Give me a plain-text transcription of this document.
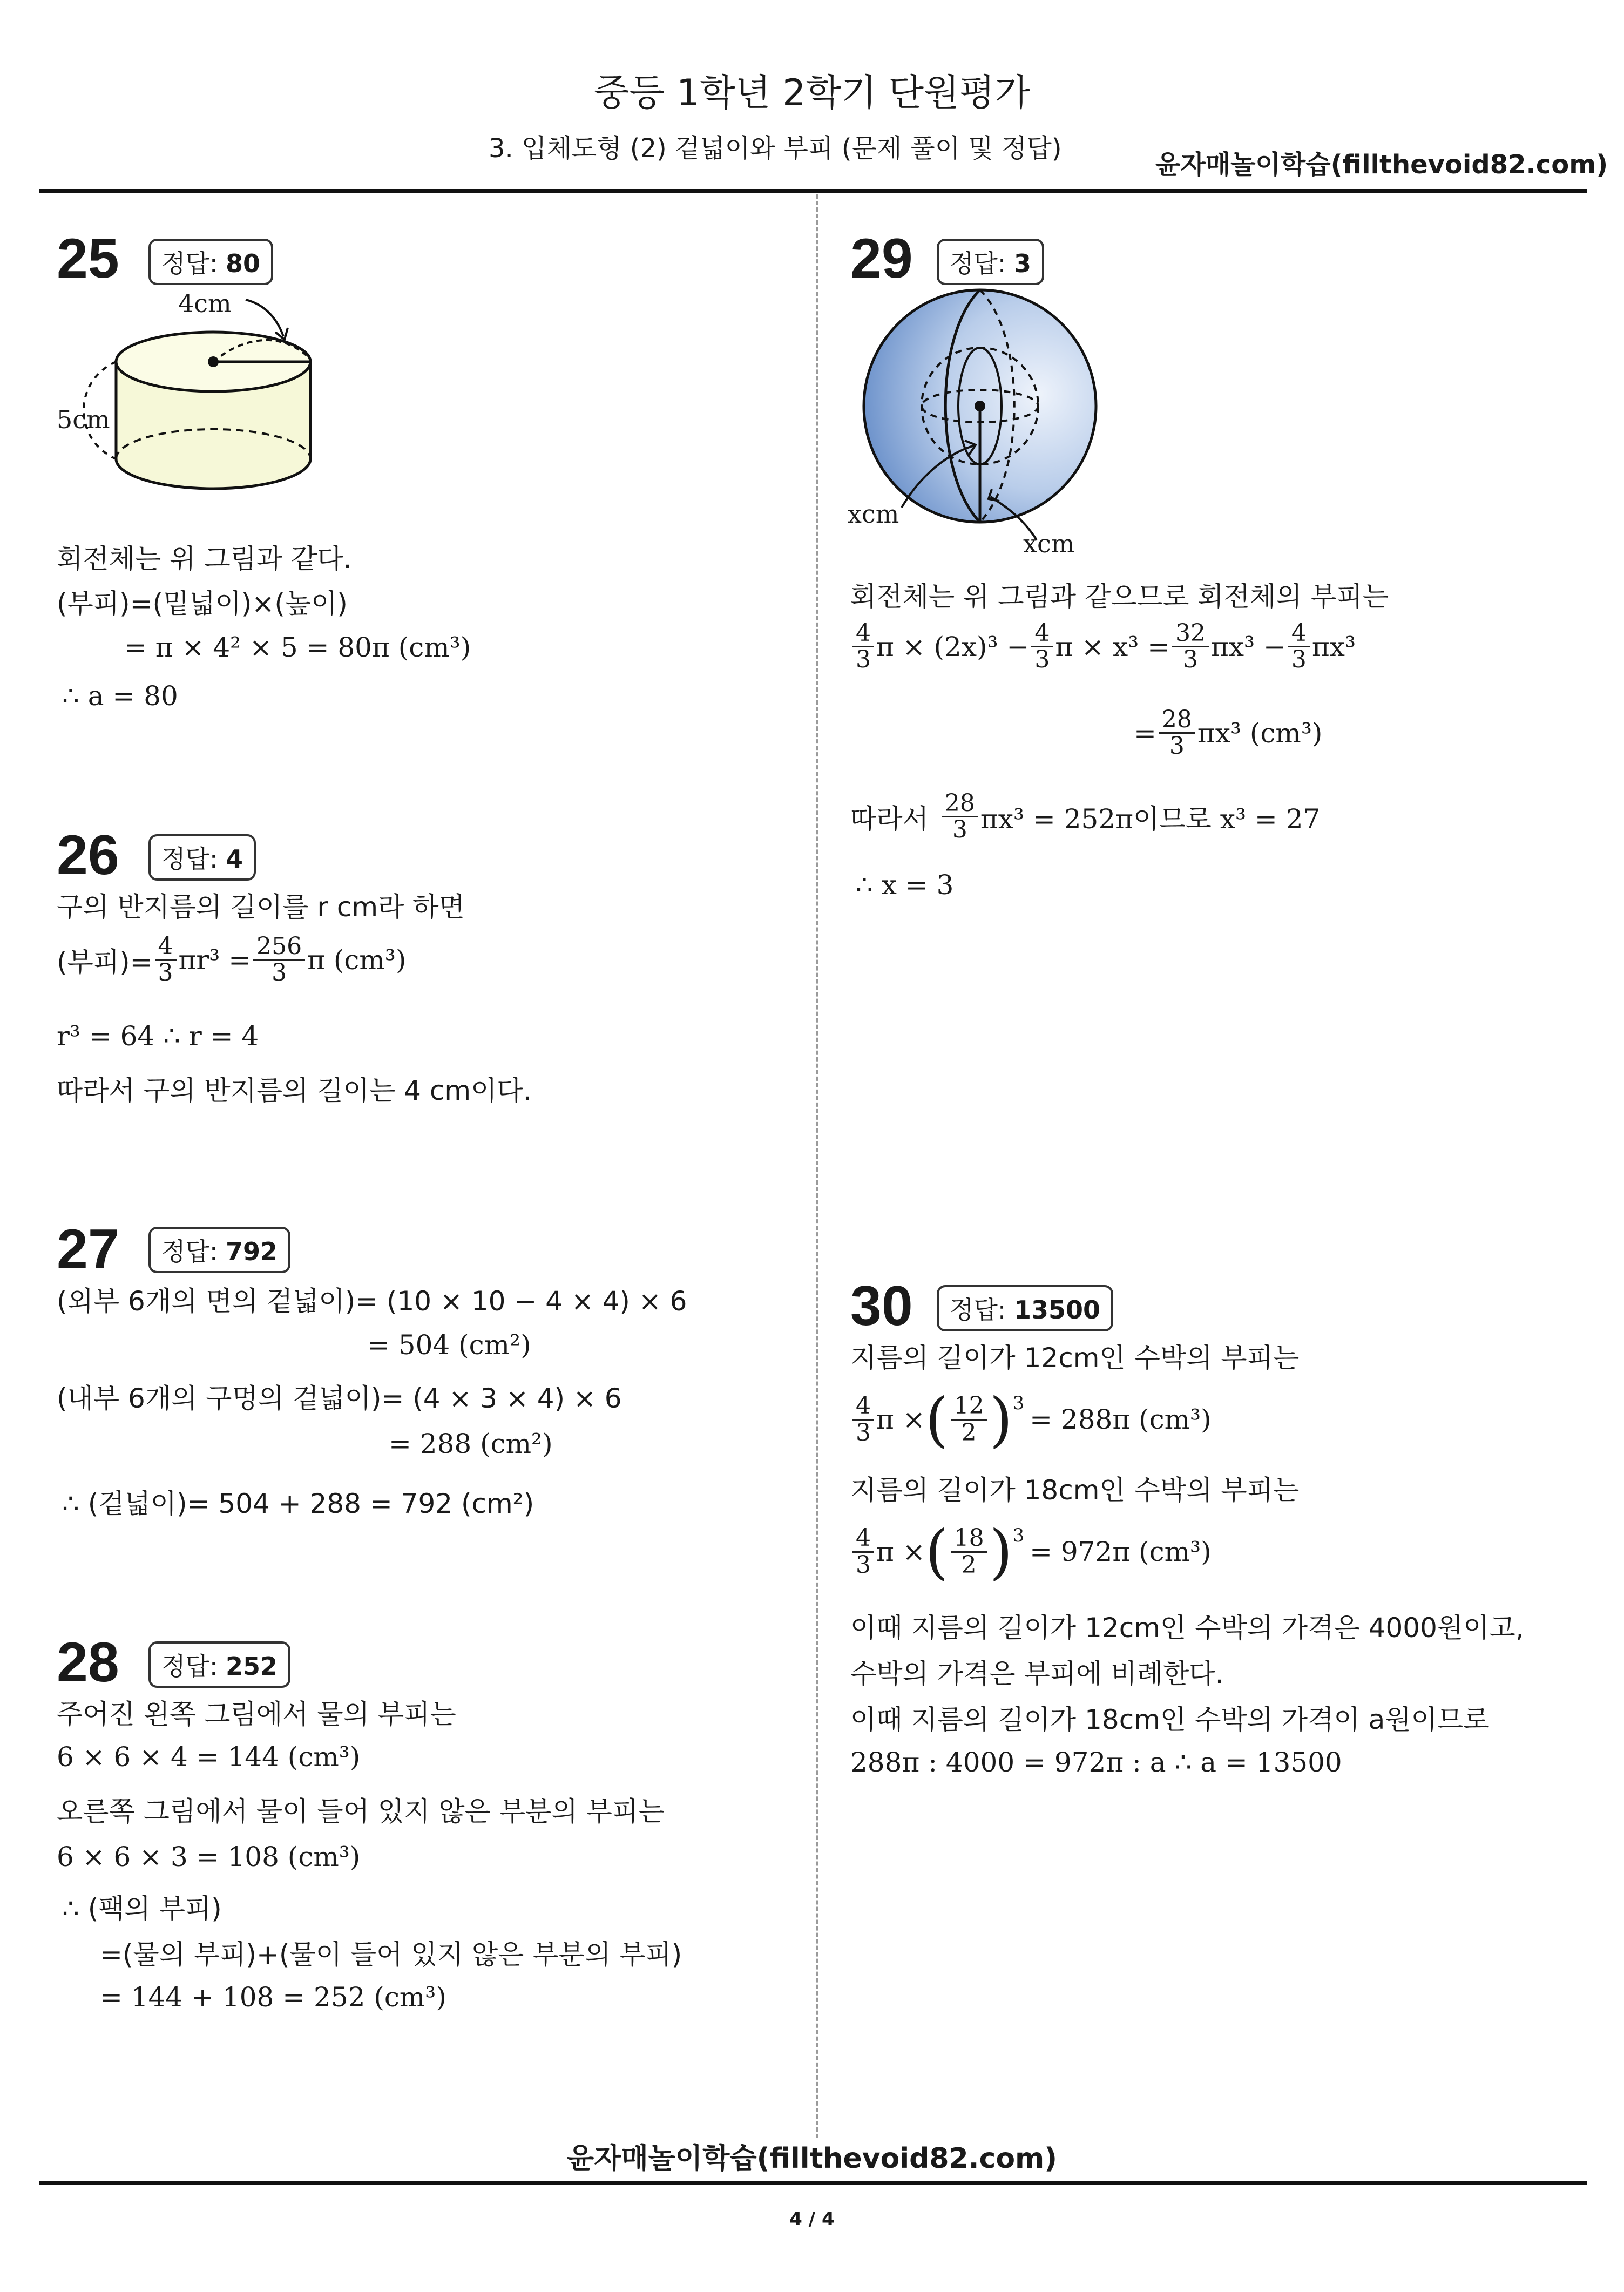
중등 1학년 2학기 단원평가
3. 입체도형 (2) 겉넓이와 부피 (문제 풀이 및 정답)
윤자매놀이학습(fillthevoid82.com)
25	정답: 80
4cm
5cm
회전체는 위 그림과 같다.
(부피)=(밑넓이)×(높이)
= π × 4² × 5 = 80π (cm³)
∴ a = 80
26	정답: 4
구의 반지름의 길이를 r cm라 하면
(부피)= $\frac{4}{3} \pi r^3 = \frac{256}{3}$ π (cm³)
r³ = 64 ∴ r = 4
따라서 구의 반지름의 길이는 4 cm이다.
27	정답: 792
(외부 6개의 면의 겉넓이)= (10 × 10 − 4 × 4) × 6
= 504 (cm²)
(내부 6개의 구멍의 겉넓이)= (4 × 3 × 4) × 6
= 288 (cm²)
∴ (겉넓이)= 504 + 288 = 792 (cm²)
28	정답: 252
주어진 왼쪽 그림에서 물의 부피는
6 × 6 × 4 = 144 (cm³)
오른쪽 그림에서 물이 들어 있지 않은 부분의 부피는
6 × 6 × 3 = 108 (cm³)
∴ (팩의 부피)
=(물의 부피)+(물이 들어 있지 않은 부분의 부피)
= 144 + 108 = 252 (cm³)
29	정답: 3
xcm
xcm
회전체는 위 그림과 같으므로 회전체의 부피는
$\frac{4}{3}$ $\pi \times (2x)^3 - \frac{4}{3}$ $\pi \times x^3 = \frac{32}{3} \pi x^3 - \frac{4}{3} \pi x^3$
= $\frac{28}{3} \pi x^3$ (cm³)
따라서 $\frac{28}{3} \pi x^3 = 252\pi$이므로 x³ = 27
∴ x = 3
30	정답: 13500
지름의 길이가 12cm인 수박의 부피는
$\frac{4}{3}$ π × ( $\frac{12}{2} )^3$
= 288π (cm³)
지름의 길이가 18cm인 수박의 부피는
$\frac{4}{3}$ π × ( $\frac{18}{2} )^3$
= 972π (cm³)
이때 지름의 길이가 12cm인 수박의 가격은 4000원이고,
수박의 가격은 부피에 비례한다.
이때 지름의 길이가 18cm인 수박의 가격이 a원이므로
288π : 4000 = 972π : a ∴ a = 13500
윤자매놀이학습(fillthevoid82.com)
4 / 4
